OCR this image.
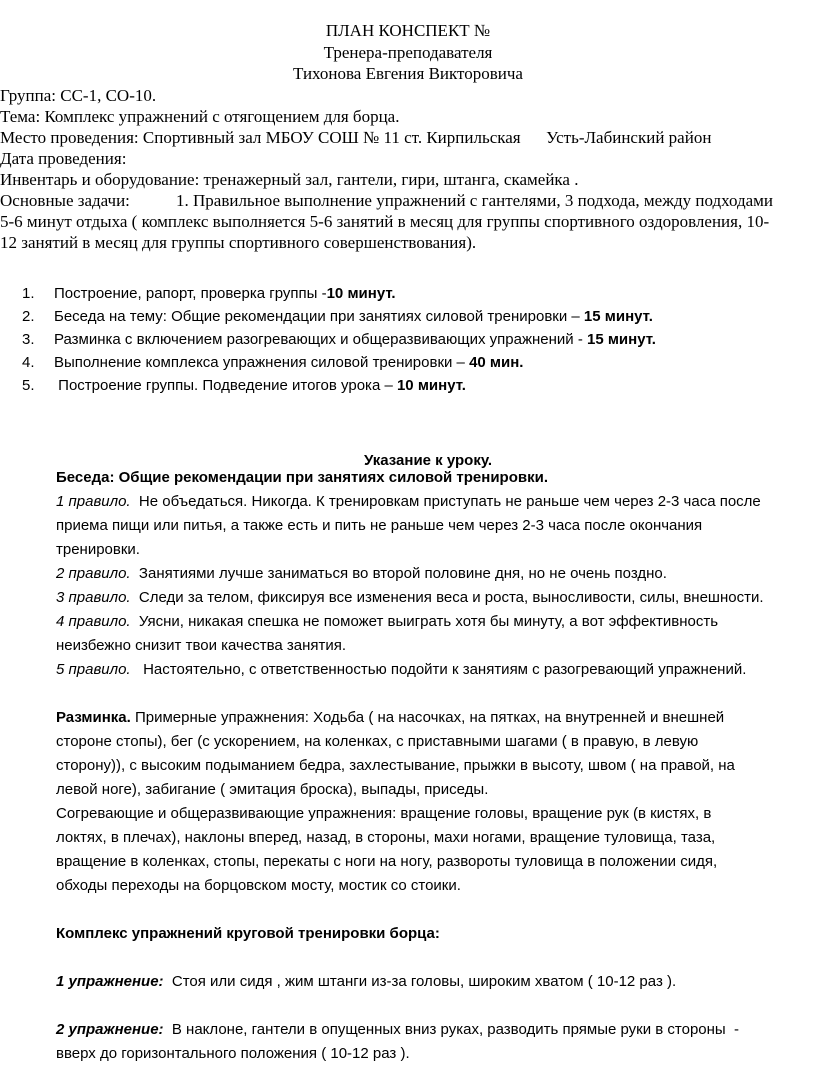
ПЛАН КОНСПЕКТ №
Тренера-преподавателя
Тихонова Евгения Викторовича
Группа: СС-1, СО-10.
Тема: Комплекс упражнений с отягощением для борца.
Место проведения: Спортивный зал МБОУ СОШ № 11 ст. Кирпильская      Усть-Лабинский район
Дата проведения:
Инвентарь и оборудование: тренажерный зал, гантели, гири, штанга, скамейка .
Основные задачи:	1. Правильное выполнение упражнений с гантелями, 3 подхода, между подходами
5-6 минут отдыха ( комплекс выполняется 5-6 занятий в месяц для группы спортивного оздоровления, 10-
12 занятий в месяц для группы спортивного совершенствования).
1.	Построение, рапорт, проверка группы -10 минут.
2.	Беседа на тему: Общие рекомендации при занятиях силовой тренировки – 15 минут.
3.	Разминка с включением разогревающих и общеразвивающих упражнений - 15 минут.
4.	Выполнение комплекса упражнения силовой тренировки – 40 мин.
5.	Построение группы. Подведение итогов урока – 10 минут.
Указание к уроку.

Беседа: Общие рекомендации при занятиях силовой тренировки.

1 правило.  Не объедаться. Никогда. К тренировкам приступать не раньше чем через 2-3 часа после

приема пищи или питья, а также есть и пить не раньше чем через 2-3 часа после окончания

тренировки.

2 правило.  Занятиями лучше заниматься во второй половине дня, но не очень поздно.

3 правило.  Следи за телом, фиксируя все изменения веса и роста, выносливости, силы, внешности.

4 правило.  Уясни, никакая спешка не поможет выиграть хотя бы минуту, а вот эффективность

неизбежно снизит твои качества занятия.

5 правило.   Настоятельно, с ответственностью подойти к занятиям с разогревающий упражнений.

Разминка. Примерные упражнения: Ходьба ( на насочках, на пятках, на внутренней и внешней

стороне стопы), бег (с ускорением, на коленках, с приставными шагами ( в правую, в левую

сторону)), с высоким подыманием бедра, захлестывание, прыжки в высоту, швом ( на правой, на

левой ноге), забигание ( эмитация броска), выпады, приседы.

Согревающие и общеразвивающие упражнения: вращение головы, вращение рук (в кистях, в

локтях, в плечах), наклоны вперед, назад, в стороны, махи ногами, вращение туловища, таза,

вращение в коленках, стопы, перекаты с ноги на ногу, развороты туловища в положении сидя,

обходы переходы на борцовском мосту, мостик со стоики.

Комплекс упражнений круговой тренировки борца:

1 упражнение:  Стоя или сидя , жим штанги из-за головы, широким хватом ( 10-12 раз ).

2 упражнение:  В наклоне, гантели в опущенных вниз руках, разводить прямые руки в стороны  -

вверх до горизонтального положения ( 10-12 раз ).
